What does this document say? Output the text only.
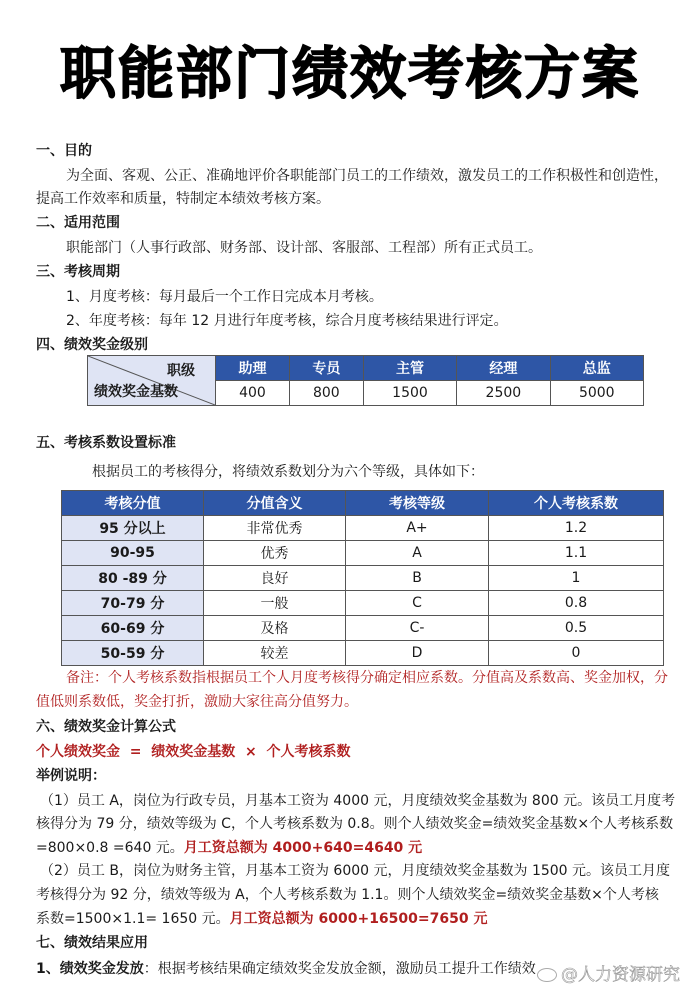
职能部门绩效考核方案
一、目的
为全面、客观、公正、准确地评价各职能部门员工的工作绩效，激发员工的工作积极性和创造性，
提高工作效率和质量，特制定本绩效考核方案。
二、适用范围
职能部门（人事行政部、财务部、设计部、客服部、工程部）所有正式员工。
三、考核周期
1、月度考核：每月最后一个工作日完成本月考核。
2、年度考核：每年 12 月进行年度考核，综合月度考核结果进行评定。
四、绩效奖金级别
职级
绩效奖金基数	助理	专员	主管	经理	总监
	400	800	1500	2500	5000
五、考核系数设置标准
根据员工的考核得分，将绩效系数划分为六个等级，具体如下：
考核分值	分值含义	考核等级	个人考核系数
95 分以上	非常优秀	A+	1.2
90-95	优秀	A	1.1
80 -89 分	良好	B	1
70-79 分	一般	C	0.8
60-69 分	及格	C-	0.5
50-59 分	较差	D	0
备注：个人考核系数指根据员工个人月度考核得分确定相应系数。分值高及系数高、奖金加权，分
值低则系数低，奖金打折，激励大家往高分值努力。
六、绩效奖金计算公式
个人绩效奖金  =  绩效奖金基数  ×  个人考核系数
举例说明：
（1）员工 A，岗位为行政专员，月基本工资为 4000 元，月度绩效奖金基数为 800 元。该员工月度考
核得分为 79 分，绩效等级为 C，个人考核系数为 0.8。则个人绩效奖金=绩效奖金基数×个人考核系数
=800×0.8 =640 元。月工资总额为 4000+640=4640 元
（2）员工 B，岗位为财务主管，月基本工资为 6000 元，月度绩效奖金基数为 1500 元。该员工月度
考核得分为 92 分，绩效等级为 A，个人考核系数为 1.1。则个人绩效奖金=绩效奖金基数×个人考核
系数=1500×1.1= 1650 元。月工资总额为 6000+16500=7650 元
七、绩效结果应用
1、绩效奖金发放：根据考核结果确定绩效奖金发放金额，激励员工提升工作绩效	@人力资源研究
